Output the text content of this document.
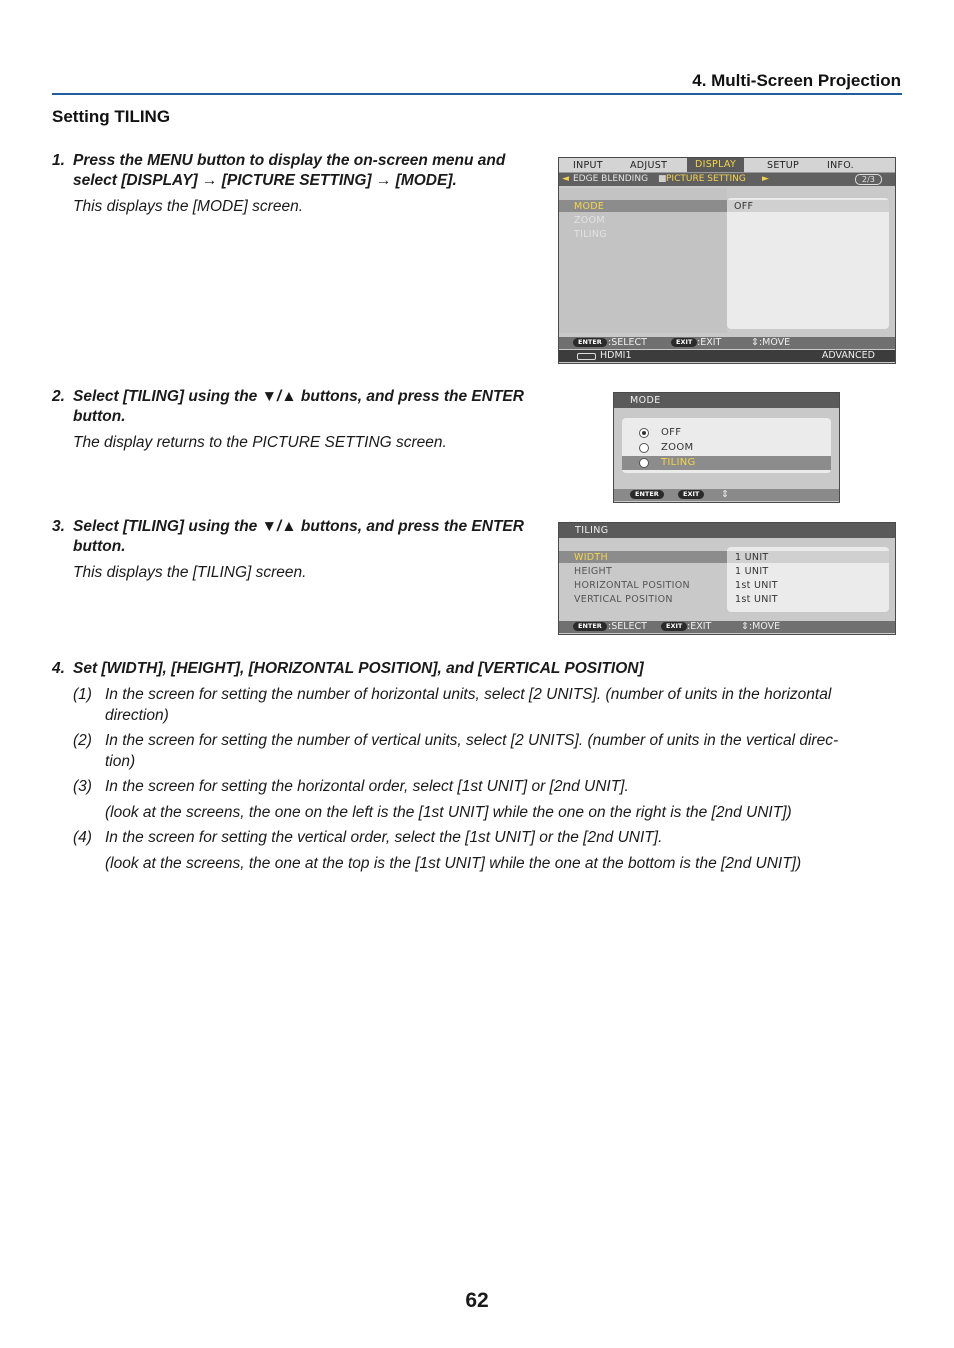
4. Multi-Screen Projection
Setting TILING
1. Press the MENU button to display the on-screen menu and
select [DISPLAY] → [PICTURE SETTING] → [MODE].
This displays the [MODE] screen.
INPUT	ADJUST	DISPLAY	SETUP	INFO.
◄ EDGE BLENDING ■ PICTURE SETTING ►	2/3
MODE
ZOOM
TILING
OFF
ENTER :SELECT	EXIT :EXIT	⇕:MOVE
HDMI1	ADVANCED
2. Select [TILING] using the ▼/▲ buttons, and press the ENTER
button.
The display returns to the PICTURE SETTING screen.
MODE
OFF
ZOOM
TILING
ENTER	EXIT	⇕
3. Select [TILING] using the ▼/▲ buttons, and press the ENTER
button.
This displays the [TILING] screen.
TILING
WIDTH	1 UNIT
HEIGHT	1 UNIT
HORIZONTAL POSITION	1st UNIT
VERTICAL POSITION	1st UNIT
ENTER :SELECT	EXIT :EXIT	⇕:MOVE
4. Set [WIDTH], [HEIGHT], [HORIZONTAL POSITION], and [VERTICAL POSITION]
(1) In the screen for setting the number of horizontal units, select [2 UNITS]. (number of units in the horizontal
direction)
(2) In the screen for setting the number of vertical units, select [2 UNITS]. (number of units in the vertical direc-
tion)
(3) In the screen for setting the horizontal order, select [1st UNIT] or [2nd UNIT].
(look at the screens, the one on the left is the [1st UNIT] while the one on the right is the [2nd UNIT])
(4) In the screen for setting the vertical order, select the [1st UNIT] or the [2nd UNIT].
(look at the screens, the one at the top is the [1st UNIT] while the one at the bottom is the [2nd UNIT])
62
